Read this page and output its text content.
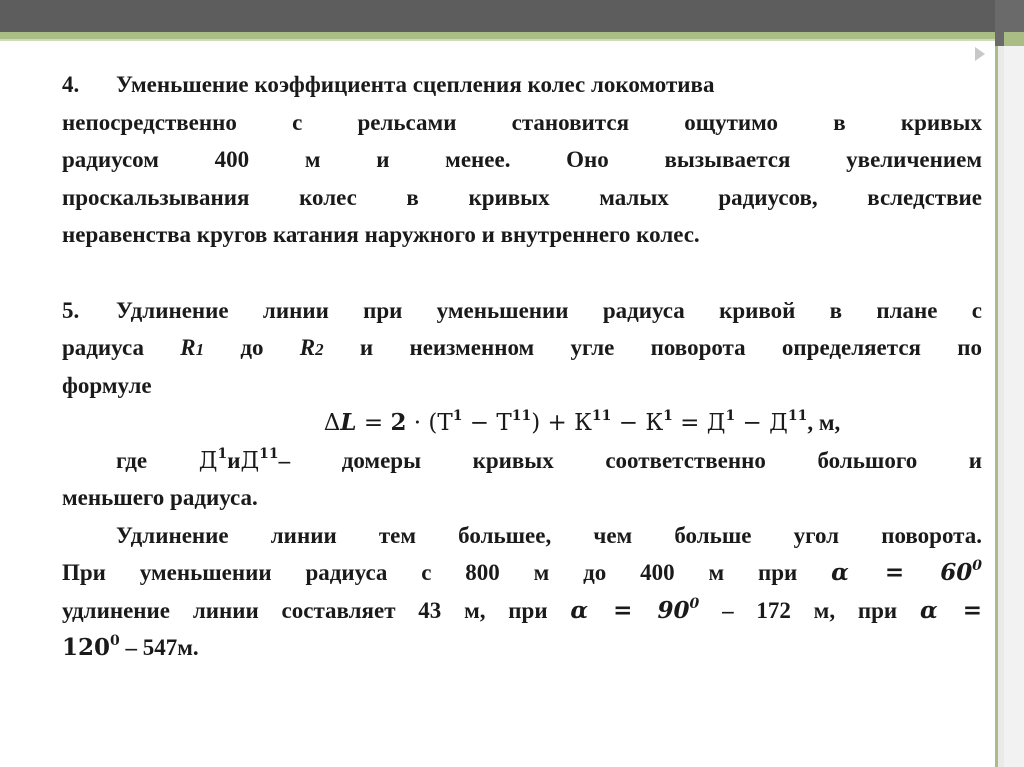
4. Уменьшение коэффициента сцепления колес локомотива

непосредственно с рельсами становится ощутимо в кривых
радиусом 400 м и менее. Оно вызывается увеличением
проскальзывания колес в кривых малых радиусов, вследствие
неравенства кругов катания наружного и внутреннего колес.
5. Удлинение линии при уменьшении радиуса кривой в плане с
радиуса R1 до R2 и неизменном угле поворота определяется по
формуле
$\Delta L = 2 \cdot (Т^1 - Т^{11}) + К^{11} - К^1 = Д^1 - Д^{11}$, м,
где $Д^1иД^{11}-$ домеры кривых соответственно большого и
меньшего радиуса.
Удлинение линии тем большее, чем больше угол поворота.
При уменьшении радиуса с 800 м до 400 м при $\alpha = 60^0$
удлинение линии составляет 43 м, при $\alpha = 90^0 - 172$ м, при α =
$120^0 - 547м$.
